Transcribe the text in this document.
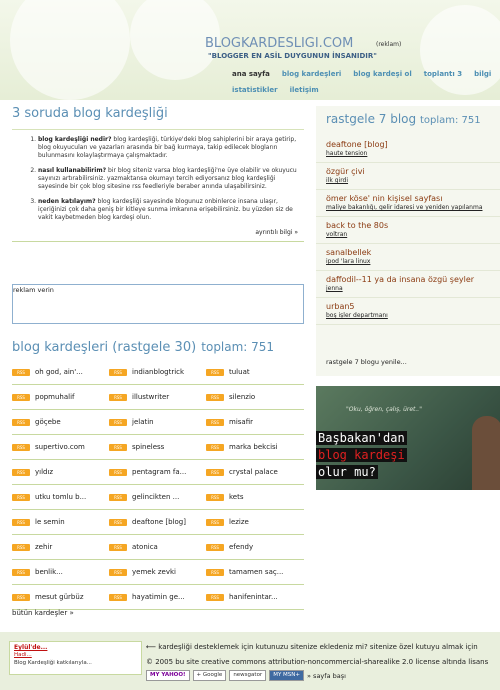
BLOGKARDESLIGI.COM
"BLOGGER EN ASİL DUYGUNUN İNSANIDIR"
(reklam)
ana sayfa blog kardeşleri blog kardeşi ol toplantı 3 bilgi
istatistikler iletişim
3 soruda blog kardeşliği
1. blog kardeşliği nedir? blog kardeşliği, türkiye'deki blog sahiplerini bir araya getirip, blog okuyucuları ve yazarları arasında bir bağ kurmaya, takip edilecek blogların bulunmasını kolaylaştırmaya çalışmaktadır.
2. nasıl kullanabilirim? bir blog siteniz varsa blog kardeşliği'ne üye olabilir ve okuyucu sayınızı artırabilirsiniz. yazmaktansa okumayı tercih ediyorsanız blog kardeşliği sayesinde bir çok blog sitesine rss feedleriyle beraber anında ulaşabilirsiniz.
3. neden katılayım? blog kardeşliği sayesinde blogunuz onbinlerce insana ulaşır, içeriğinizi çok daha geniş bir kitleye sunma imkanına erişebilirsiniz. bu yüzden siz de vakit kaybetmeden blog kardeşi olun.
ayrıntılı bilgi »
reklam verin
blog kardeşleri (rastgele 30) toplam: 751
RSS	oh god, ain'...	RSS	indianblogtrick	RSS	tuluat
RSS	popmuhalif	RSS	illustwriter	RSS	silenzio
RSS	göçebe	RSS	jelatin	RSS	misafir
RSS	supertivo.com	RSS	spineless	RSS	marka bekcisi
RSS	yıldız	RSS	pentagram fa...	RSS	crystal palace
RSS	utku tomlu b...	RSS	gelincikten ...	RSS	kets
RSS	le semin	RSS	deaftone [blog]	RSS	lezize
RSS	zehir	RSS	atonica	RSS	efendy
RSS	benlik...	RSS	yemek zevki	RSS	tamamen saç...
RSS	mesut gürbüz	RSS	hayatimin ge...	RSS	hanifenintar...
bütün kardeşler »
rastgele 7 blog toplam: 751
deaftone [blog]
haute tension
özgür çivi
ilk girdi
ömer köse' nin kişisel sayfası
maliye bakanlığı, gelir idaresi ve yeniden yapılanma
back to the 80s
voltran
sanalbellek
ipod 'lara linux
daffodil--11 ya da insana özgü şeyler
jenna
urban5
boş işler departmanı
rastgele 7 blogu yenile...
"Oku, öğren, çalış, üret.."
Başbakan'dan
blog kardeşi
olur mu?
Eylül'de...
Hadi...
Blog Kardeşliği katkılarıyla...
⟵ kardeşliği desteklemek için kutunuzu sitenize ekledeniz mi? sitenize özel kutuyu almak için
© 2005 bu site creative commons attribution-noncommercial-sharealike 2.0 license altında lisans
MY YAHOO!	+ Google	newsgator	MY MSN+	» sayfa başı
